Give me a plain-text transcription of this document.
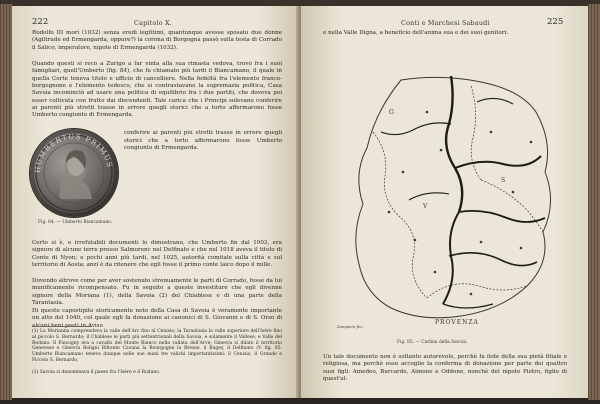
222	Capitolo X.

Rodolfo III morì (1032) senza eredi legittimi, quantunque avesse sposato due donne (Agiltrude ed Ermengarda, oppure?) la corona di Borgogna passò sulla testa di Corrado il Salico, imperatore, nipote di Ermengarda (1032).

Quando questi si recò a Zurigo a far vinta alla sua rimasta vedova, trovò fra i suoi famigliari, quell'Umberto (fig. 84), che fu chiamato più tardi il Biancamano, il quale in quella Corte teneva titolo e ufficio di cancelliere. Nella fedeltà fra l'elemento franco-borgognone e l'elemento tedesco, che si contrastavano la supremazia politica, Casa Savoia incominciò ad usare una politica di equilibrio fra i due partiti, che doveva poi esser coltivata con frutto dai discendenti. Tale carica che i Principi solevano conferire ai parenti più stretti trasse in errore quegli storici che a torto affermarono fosse Umberto congiunto di Ermengarda.

HUMBERTUS PRIMUS
Fig. 84. — Umberto Biancamano.

conferire ai parenti più stretti trasse in errore quegli storici che a torto affermarono fosse Umberto congiunto di Ermengarda.

Certo si è, e irrefutabili documenti lo dimostrano, che Umberto fin dal 1003, era signore di alcune terre presso Salmorenc nel Delfinato e che nel 1018 aveva il titolo di Conte di Nyon; e pochi anni più tardi, nel 1025, autorità comitale sulla città e sul territorio di Aosta; anzi è da ritenere che egli fosse il primo conte laico dopo il mille.

Dovendo altrove come per aver sostenuto strenuamente le parti di Corrado, fosse da lui munificamente ricompensato. Fu in seguito a queste investiture che egli divenne signore della Moriana (1), della Savoia (2) del Chiablese e di una parte della Tarantasia.

Di questo capostipite storicamente noto della Casa di Savoia è veramente importante un atto del 1040, col quale egli fa donazione ai canonici di S. Giovanni e di S. Orso di alcuni beni posti in Aviso

(1) La Morianna comprendeva la valle dell'Arc fino al Cenisio; la Tarantasia la valle superiore dell'Isère fino al piccolo S. Bernardo; il Chablese le parti più settentrionali della Savoia, e solamente il Vallese, e Valle del Rodano. Il Faucigny era a cavallo del Monte Bianco nella vallata dell'Arve; Ginevra si dilatò il territorio Genevese e Ginevra Beligni Biltonte Cavana la Bourgogne la Bresse, il Bugey, il Delfinato (V. fig. 85. Umberto Biancamano teneva dunque nelle sue mani tre valichi importantissimi: il Cenisio, il Grande e Piccolo S. Bernardo.
(2) Savoia si denominava il paese fra l'Isère e il Rodano.
Conti e Marchesi Sabaudi	225
e nella Valle Digna, a beneficio dell'anima sua e dei suoi genitori.
G
V
S
PROVENZA
Zampiero fec.
Fig. 85. — Carlina della Savoia.
Un tale documento non è soltanto autorevole, perchè fa fede della sua pietà filiale e religiosa, ma perchè esso accoglie la conferma di donazione per parte dei quattro suoi figli: Amedeo, Burcardo, Aimone e Oddone, nonchè del nipote Pietro, figlio di quest'ul-
